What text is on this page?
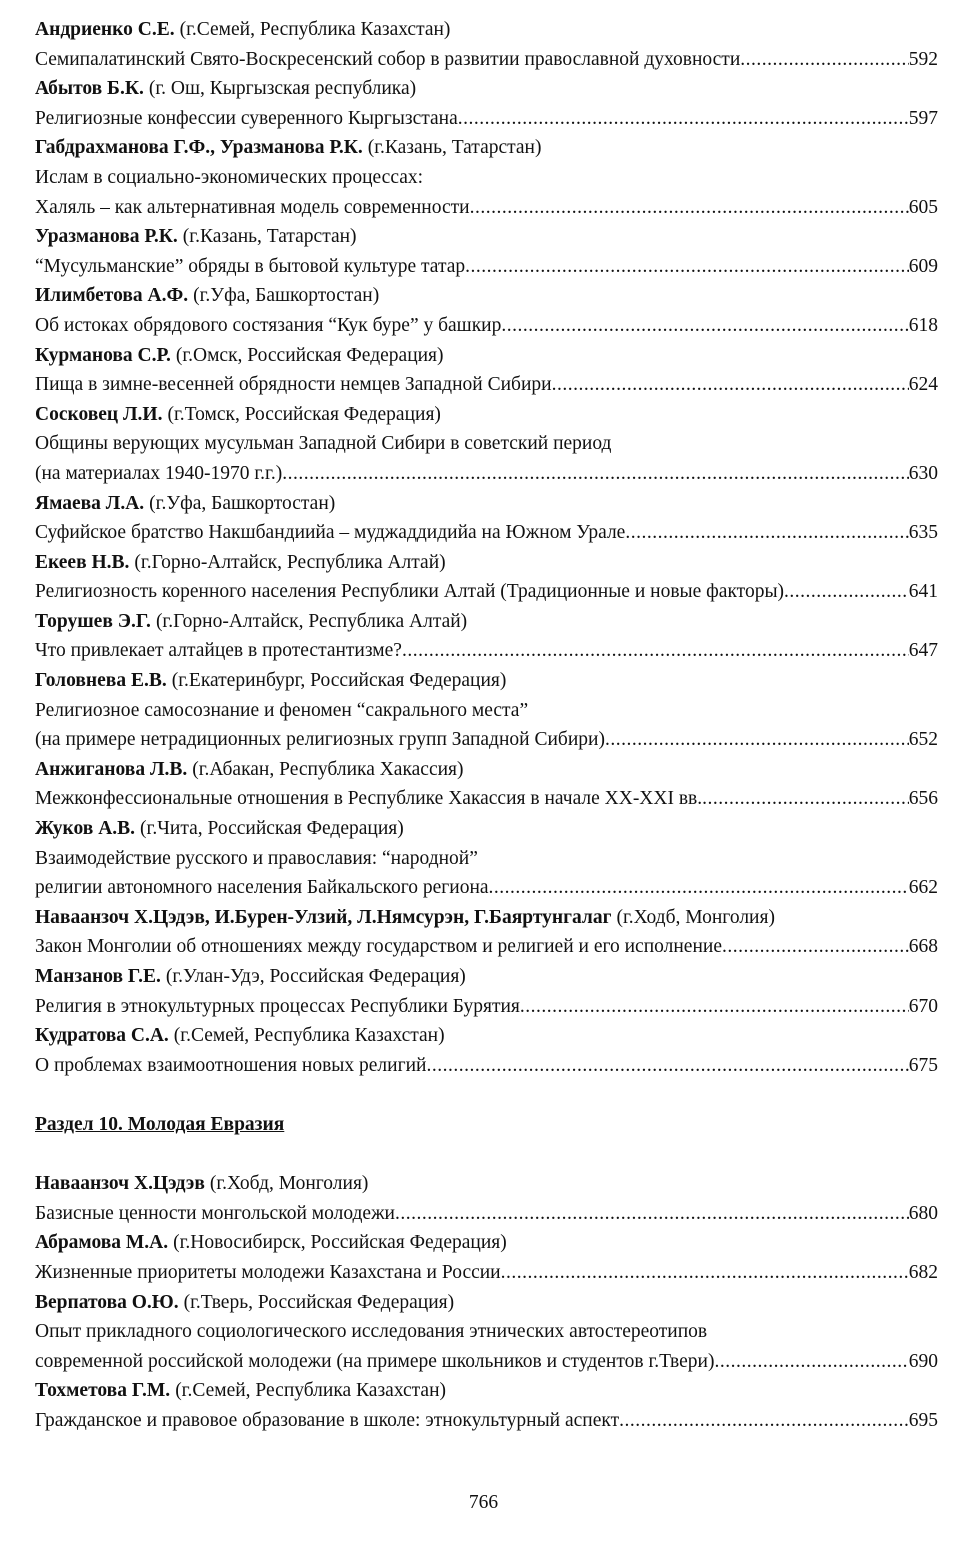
Андриенко С.Е. (г.Семей, Республика Казахстан)
Семипалатинский Свято-Воскресенский собор в развитии православной духовности .....	592
Абытов Б.К. (г. Ош, Кыргызская республика)
Религиозные конфессии суверенного Кыргызстана .....	597
Габдрахманова Г.Ф., Уразманова Р.К. (г.Казань, Татарстан)
Ислам в социально-экономических процессах:
Халяль – как альтернативная модель современности .....	605
Уразманова Р.К. (г.Казань, Татарстан)
“Мусульманские” обряды в бытовой культуре татар .....	609
Илимбетова А.Ф. (г.Уфа, Башкортостан)
Об истоках обрядового состязания “Кук буре” у башкир .....	618
Курманова С.Р. (г.Омск, Российская Федерация)
Пища в зимне-весенней обрядности немцев Западной Сибири .....	624
Сосковец Л.И. (г.Томск, Российская Федерация)
Общины верующих мусульман Западной Сибири в советский период
(на материалах 1940-1970 г.г.) .....	630
Ямаева Л.А. (г.Уфа, Башкортостан)
Суфийское братство Накшбандиийа – муджаддидийа на Южном Урале .....	635
Екеев Н.В. (г.Горно-Алтайск, Республика Алтай)
Религиозность коренного населения Республики Алтай (Традиционные и новые факторы) .....	641
Торушев Э.Г. (г.Горно-Алтайск, Республика Алтай)
Что привлекает алтайцев в протестантизме? .....	647
Головнева Е.В. (г.Екатеринбург, Российская Федерация)
Религиозное самосознание и феномен “сакрального места”
(на примере нетрадиционных религиозных групп Западной Сибири) .....	652
Анжиганова Л.В. (г.Абакан, Республика Хакассия)
Межконфессиональные отношения в Республике Хакассия в начале XX-XXI вв. .....	656
Жуков А.В. (г.Чита, Российская Федерация)
Взаимодействие русского и православия: “народной”
религии автономного населения Байкальского региона .....	662
Наваанзоч Х.Цэдэв, И.Бурен-Улзий, Л.Нямсурэн, Г.Баяртунгалаг (г.Ходб, Монголия)
Закон Монголии об отношениях между государством и религией и его исполнение .....	668
Манзанов Г.Е. (г.Улан-Удэ, Российская Федерация)
Религия в этнокультурных процессах Республики Бурятия .....	670
Кудратова С.А. (г.Семей, Республика Казахстан)
О проблемах взаимоотношения новых религий .....	675
Раздел 10. Молодая Евразия
Наваанзоч Х.Цэдэв (г.Хобд, Монголия)
Базисные ценности монгольской молодежи .....	680
Абрамова М.А. (г.Новосибирск, Российская Федерация)
Жизненные приоритеты молодежи Казахстана и России .....	682
Верпатова О.Ю. (г.Тверь, Российская Федерация)
Опыт прикладного социологического исследования этнических автостереотипов
современной российской молодежи (на примере школьников и студентов г.Твери) .....	690
Тохметова Г.М. (г.Семей, Республика Казахстан)
Гражданское и правовое образование в школе: этнокультурный аспект .....	695
766
